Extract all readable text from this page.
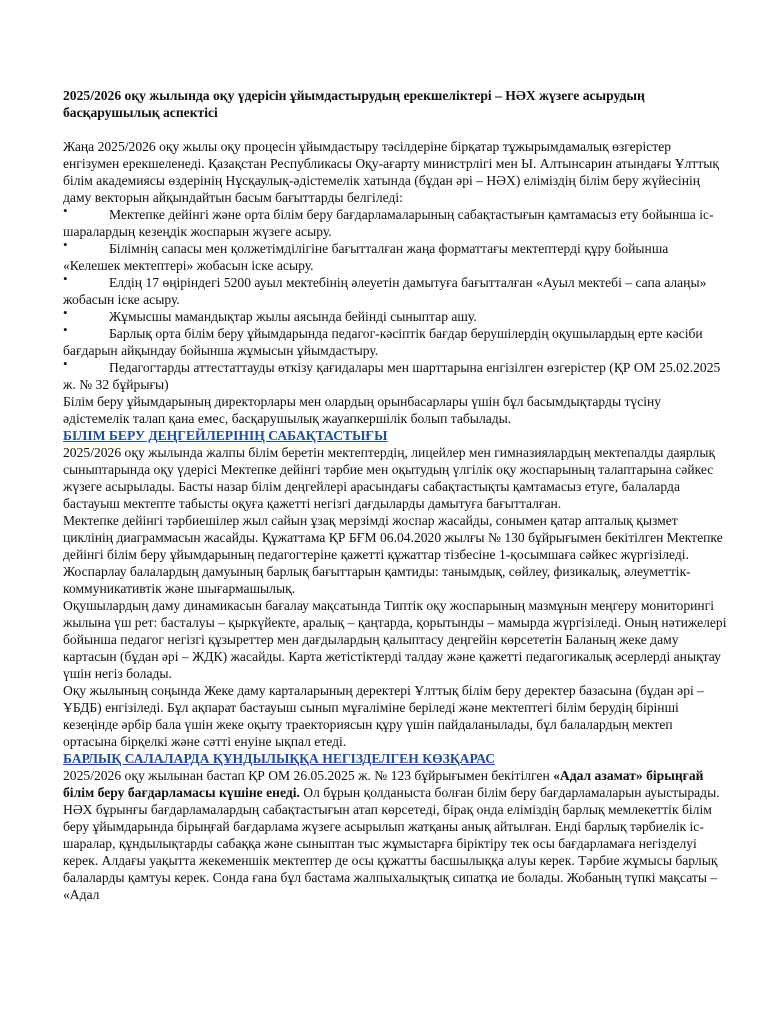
2025/2026 оқу жылында оқу үдерісін ұйымдастырудың ерекшеліктері – НӘХ жүзеге асырудың басқарушылық аспектісі

Жаңа 2025/2026 оқу жылы оқу процесін ұйымдастыру тәсілдеріне бірқатар тұжырымдамалық өзгерістер енгізумен ерекшеленеді. Қазақстан Республикасы Оқу-ағарту министрлігі мен Ы. Алтынсарин атындағы Ұлттық білім академиясы өздерінің Нұсқаулық-әдістемелік хатында (бұдан әрі – НӘХ) еліміздің білім беру жүйесінің даму векторын айқындайтын басым бағыттарды белгіледі:

•	Мектепке дейінгі және орта білім беру бағдарламаларының сабақтастығын қамтамасыз ету бойынша іс-шаралардың кезеңдік жоспарын жүзеге асыру.
•	Білімнің сапасы мен қолжетімділігіне бағытталған жаңа форматтағы мектептерді құру бойынша «Келешек мектептері» жобасын іске асыру.
•	Елдің 17 өңіріндегі 5200 ауыл мектебінің әлеуетін дамытуға бағытталған «Ауыл мектебі – сапа алаңы» жобасын іске асыру.
•	Жұмысшы мамандықтар жылы аясында бейінді сыныптар ашу.
•	Барлық орта білім беру ұйымдарында педагог-кәсіптік бағдар берушілердің оқушылардың ерте кәсіби бағдарын айқындау бойынша жұмысын ұйымдастыру.
•	Педагогтарды аттестаттауды өткізу қағидалары мен шарттарына енгізілген өзгерістер (ҚР ОМ 25.02.2025 ж. № 32 бұйрығы)

Білім беру ұйымдарының директорлары мен олардың орынбасарлары үшін бұл басымдықтарды түсіну әдістемелік талап қана емес, басқарушылық жауапкершілік болып табылады.

БІЛІМ БЕРУ ДЕҢГЕЙЛЕРІНІҢ САБАҚТАСТЫҒЫ

2025/2026 оқу жылында жалпы білім беретін мектептердің, лицейлер мен гимназиялардың мектепалды даярлық сыныптарында оқу үдерісі Мектепке дейінгі тәрбие мен оқытудың үлгілік оқу жоспарының талаптарына сәйкес жүзеге асырылады. Басты назар білім деңгейлері арасындағы сабақтастықты қамтамасыз етуге, балаларда бастауыш мектепте табысты оқуға қажетті негізгі дағдыларды дамытуға бағытталған.

Мектепке дейінгі тәрбиешілер жыл сайын ұзақ мерзімді жоспар жасайды, сонымен қатар апталық қызмет циклінің диаграммасын жасайды. Құжаттама ҚР БҒМ 06.04.2020 жылғы № 130 бұйрығымен бекітілген Мектепке дейінгі білім беру ұйымдарының педагогтеріне қажетті құжаттар тізбесіне 1-қосымшаға сәйкес жүргізіледі. Жоспарлау балалардың дамуының барлық бағыттарын қамтиды: танымдық, сөйлеу, физикалық, әлеуметтік-коммуникативтік және шығармашылық.

Оқушылардың даму динамикасын бағалау мақсатында Типтік оқу жоспарының мазмұнын меңгеру мониторингі жылына үш рет: басталуы – қыркүйекте, аралық – қаңтарда, қорытынды – мамырда жүргізіледі. Оның нәтижелері бойынша педагог негізгі құзыреттер мен дағдылардың қалыптасу деңгейін көрсететін Баланың жеке даму картасын (бұдан әрі – ЖДК) жасайды. Карта жетістіктерді талдау және қажетті педагогикалық әсерлерді анықтау үшін негіз болады.

Оқу жылының соңында Жеке даму карталарының деректері Ұлттық білім беру деректер базасына (бұдан әрі – ҰБДБ) енгізіледі. Бұл ақпарат бастауыш сынып мұғаліміне беріледі және мектептегі білім берудің бірінші кезеңінде әрбір бала үшін жеке оқыту траекториясын құру үшін пайдаланылады, бұл балалардың мектеп ортасына бірқелкі және сәтті енуіне ықпал етеді.

БАРЛЫҚ САЛАЛАРДА ҚҰНДЫЛЫҚҚА НЕГІЗДЕЛГЕН КӨЗҚАРАС

2025/2026 оқу жылынан бастап ҚР ОМ 26.05.2025 ж. № 123 бұйрығымен бекітілген «Адал азамат» бірыңғай білім беру бағдарламасы күшіне енеді. Ол бұрын қолданыста болған білім беру бағдарламаларын ауыстырады.

НӘХ бұрынғы бағдарламалардың сабақтастығын атап көрсетеді, бірақ онда еліміздің барлық мемлекеттік білім беру ұйымдарында бірыңғай бағдарлама жүзеге асырылып жатқаны анық айтылған. Енді барлық тәрбиелік іс-шаралар, құндылықтарды сабаққа және сыныптан тыс жұмыстарға біріктіру тек осы бағдарламаға негізделуі керек. Алдағы уақытта жекеменшік мектептер де осы құжатты басшылыққа алуы керек. Тәрбие жұмысы барлық балаларды қамтуы керек. Сонда ғана бұл бастама жалпыхалықтық сипатқа ие болады. Жобаның түпкі мақсаты – «Адал
